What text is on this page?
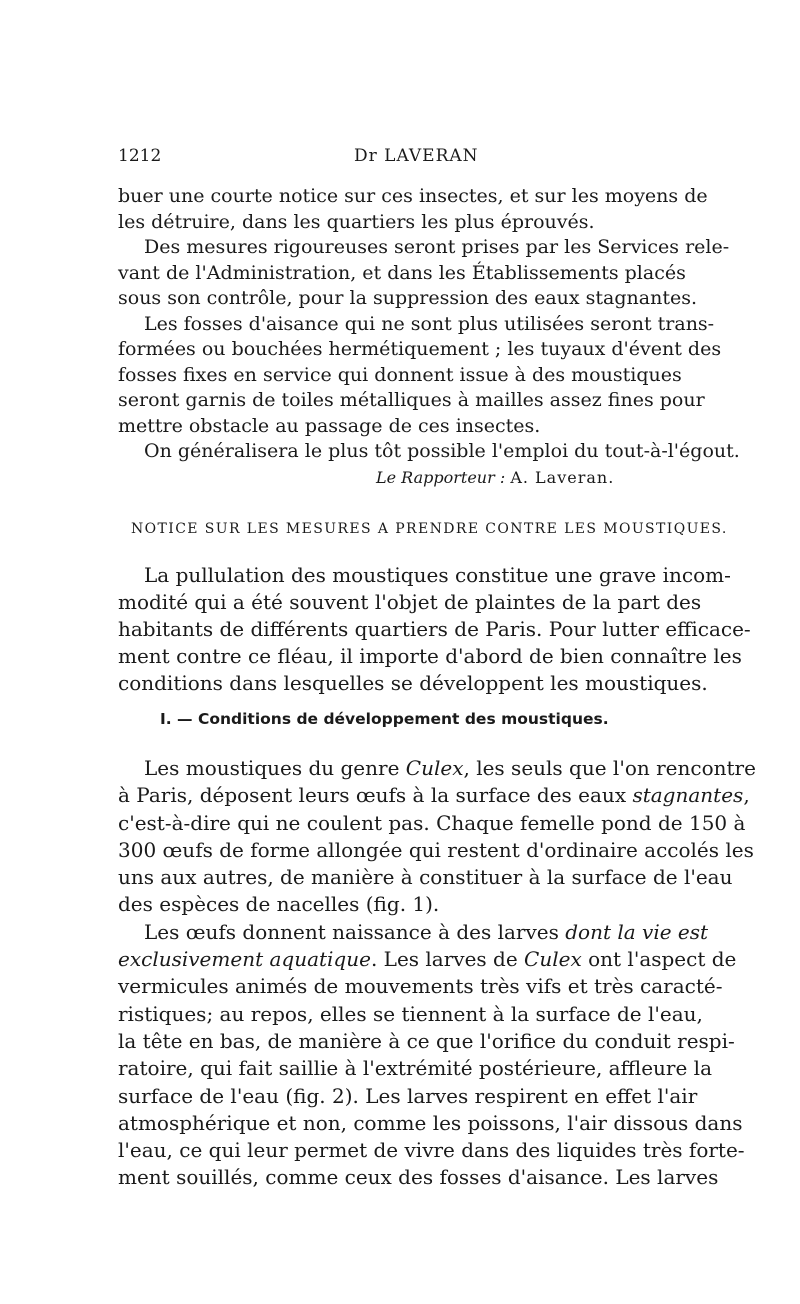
1212	Dr LAVERAN
buer une courte notice sur ces insectes, et sur les moyens de
les détruire, dans les quartiers les plus éprouvés.
Des mesures rigoureuses seront prises par les Services rele-
vant de l'Administration, et dans les Établissements placés
sous son contrôle, pour la suppression des eaux stagnantes.
Les fosses d'aisance qui ne sont plus utilisées seront trans-
formées ou bouchées hermétiquement ; les tuyaux d'évent des
fosses fixes en service qui donnent issue à des moustiques
seront garnis de toiles métalliques à mailles assez fines pour
mettre obstacle au passage de ces insectes.
On généralisera le plus tôt possible l'emploi du tout-à-l'égout.
Le Rapporteur : A. Laveran.
NOTICE SUR LES MESURES A PRENDRE CONTRE LES MOUSTIQUES.
La pullulation des moustiques constitue une grave incom-
modité qui a été souvent l'objet de plaintes de la part des
habitants de différents quartiers de Paris. Pour lutter efficace-
ment contre ce fléau, il importe d'abord de bien connaître les
conditions dans lesquelles se développent les moustiques.
I. — Conditions de développement des moustiques.
Les moustiques du genre Culex, les seuls que l'on rencontre
à Paris, déposent leurs œufs à la surface des eaux stagnantes,
c'est-à-dire qui ne coulent pas. Chaque femelle pond de 150 à
300 œufs de forme allongée qui restent d'ordinaire accolés les
uns aux autres, de manière à constituer à la surface de l'eau
des espèces de nacelles (fig. 1).
Les œufs donnent naissance à des larves dont la vie est
exclusivement aquatique. Les larves de Culex ont l'aspect de
vermicules animés de mouvements très vifs et très caracté-
ristiques; au repos, elles se tiennent à la surface de l'eau,
la tête en bas, de manière à ce que l'orifice du conduit respi-
ratoire, qui fait saillie à l'extrémité postérieure, affleure la
surface de l'eau (fig. 2). Les larves respirent en effet l'air
atmosphérique et non, comme les poissons, l'air dissous dans
l'eau, ce qui leur permet de vivre dans des liquides très forte-
ment souillés, comme ceux des fosses d'aisance. Les larves
